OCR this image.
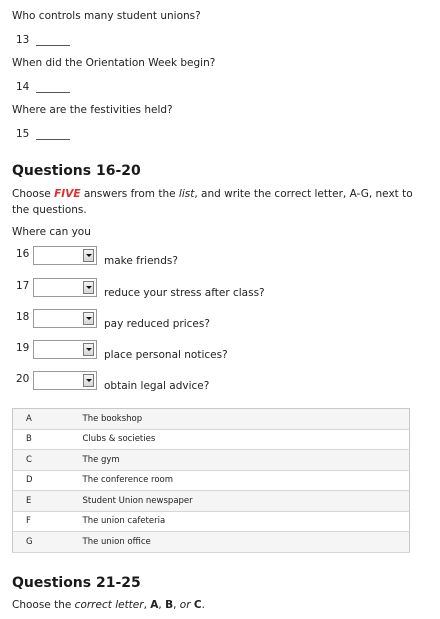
Who controls many student unions?
13
When did the Orientation Week begin?
14
Where are the festivities held?
15
Questions 16-20
Choose FIVE answers from the list, and write the correct letter, A-G, next to the questions.
Where can you
16
make friends?
17
reduce your stress after class?
18
pay reduced prices?
19
place personal notices?
20
obtain legal advice?
A	The bookshop
B	Clubs & societies
C	The gym
D	The conference room
E	Student Union newspaper
F	The union cafeteria
G	The union office
Questions 21-25
Choose the correct letter, A, B, or C.
